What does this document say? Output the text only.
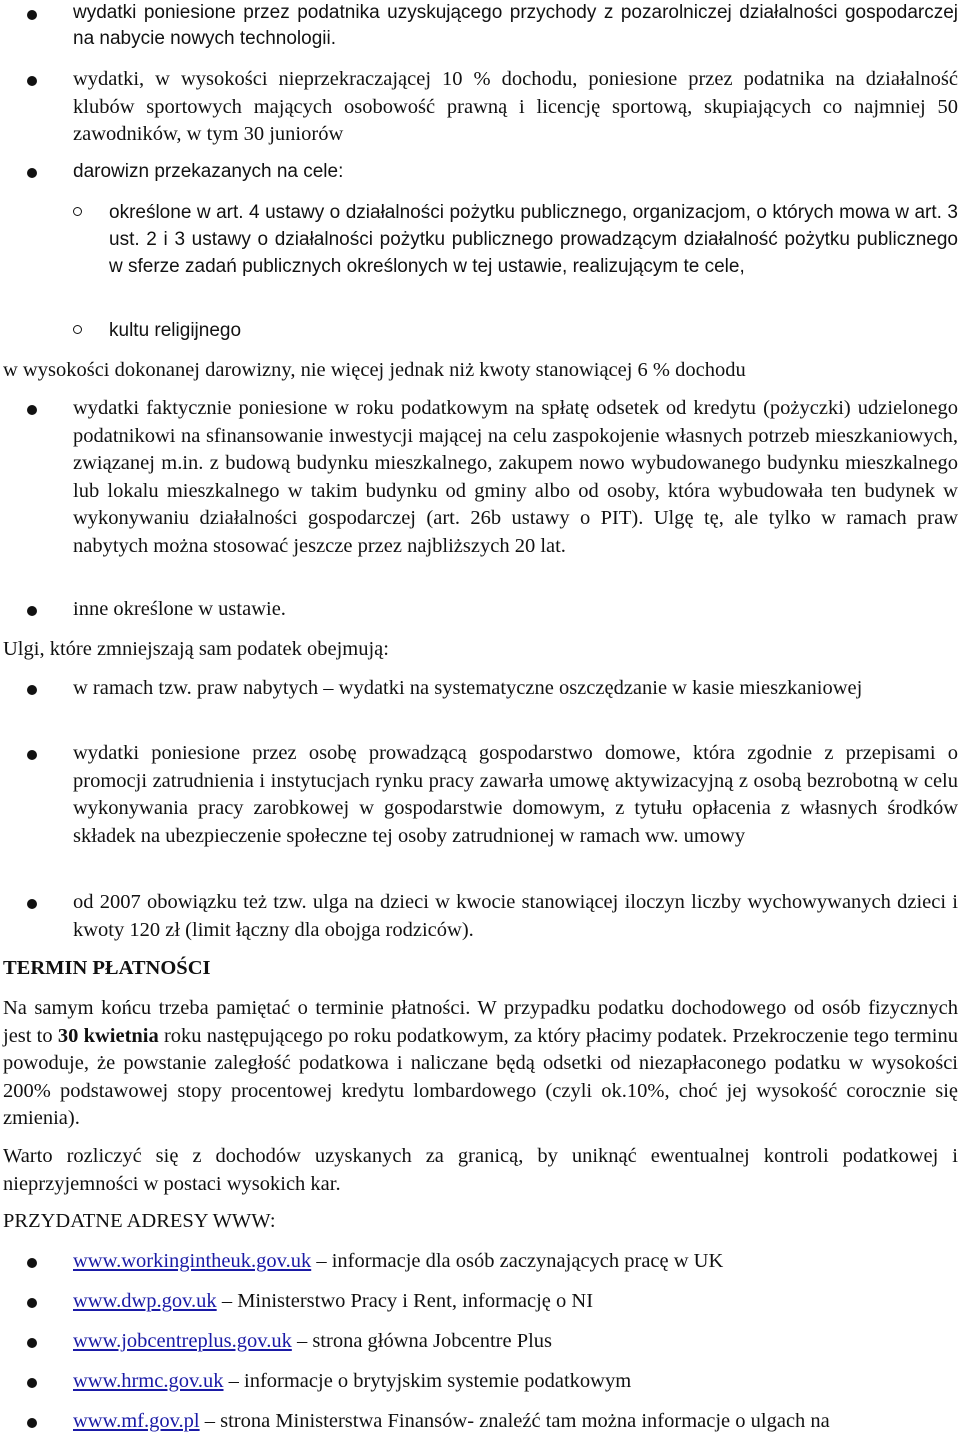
wydatki poniesione przez podatnika uzyskującego przychody z pozarolniczej działalności gospodarczej na nabycie nowych technologii.

wydatki, w wysokości nieprzekraczającej 10 % dochodu, poniesione przez podatnika na działalność klubów sportowych mających osobowość prawną i licencję sportową, skupiających co najmniej 50 zawodników, w tym 30 juniorów

darowizn przekazanych na cele:

określone w art. 4 ustawy o działalności pożytku publicznego, organizacjom, o których mowa w art. 3 ust. 2 i 3 ustawy o działalności pożytku publicznego prowadzącym działalność pożytku publicznego w sferze zadań publicznych określonych w tej ustawie, realizującym te cele,

kultu religijnego

w wysokości dokonanej darowizny, nie więcej jednak niż kwoty stanowiącej 6 % dochodu

wydatki faktycznie poniesione w roku podatkowym na spłatę odsetek od kredytu (pożyczki) udzielonego podatnikowi na sfinansowanie inwestycji mającej na celu zaspokojenie własnych potrzeb mieszkaniowych, związanej m.in. z budową budynku mieszkalnego, zakupem nowo wybudowanego budynku mieszkalnego lub lokalu mieszkalnego w takim budynku od gminy albo od osoby, która wybudowała ten budynek w wykonywaniu działalności gospodarczej (art. 26b ustawy o PIT). Ulgę tę, ale tylko w ramach praw nabytych można stosować jeszcze przez najbliższych 20 lat.

inne określone w ustawie.

Ulgi, które zmniejszają sam podatek obejmują:

w ramach tzw. praw nabytych – wydatki na systematyczne oszczędzanie w kasie mieszkaniowej

wydatki poniesione przez osobę prowadzącą gospodarstwo domowe, która zgodnie z przepisami o promocji zatrudnienia i instytucjach rynku pracy zawarła umowę aktywizacyjną z osobą bezrobotną w celu wykonywania pracy zarobkowej w gospodarstwie domowym, z tytułu opłacenia z własnych środków składek na ubezpieczenie społeczne tej osoby zatrudnionej w ramach ww. umowy

od 2007 obowiązku też tzw. ulga na dzieci w kwocie stanowiącej iloczyn liczby wychowywanych dzieci i kwoty 120 zł (limit łączny dla obojga rodziców).

TERMIN PŁATNOŚCI

Na samym końcu trzeba pamiętać o terminie płatności. W przypadku podatku dochodowego od osób fizycznych jest to 30 kwietnia roku następującego po roku podatkowym, za który płacimy podatek. Przekroczenie tego terminu powoduje, że powstanie zaległość podatkowa i naliczane będą odsetki od niezapłaconego podatku w wysokości 200% podstawowej stopy procentowej kredytu lombardowego (czyli ok.10%, choć jej wysokość corocznie się zmienia).

Warto rozliczyć się z dochodów uzyskanych za granicą, by uniknąć ewentualnej kontroli podatkowej i nieprzyjemności w postaci wysokich kar.

PRZYDATNE ADRESY WWW:

www.workingintheuk.gov.uk – informacje dla osób zaczynających pracę w UK

www.dwp.gov.uk – Ministerstwo Pracy i Rent, informację o NI

www.jobcentreplus.gov.uk – strona główna Jobcentre Plus

www.hrmc.gov.uk – informacje o brytyjskim systemie podatkowym

www.mf.gov.pl – strona Ministerstwa Finansów- znaleźć tam można informacje o ulgach na
